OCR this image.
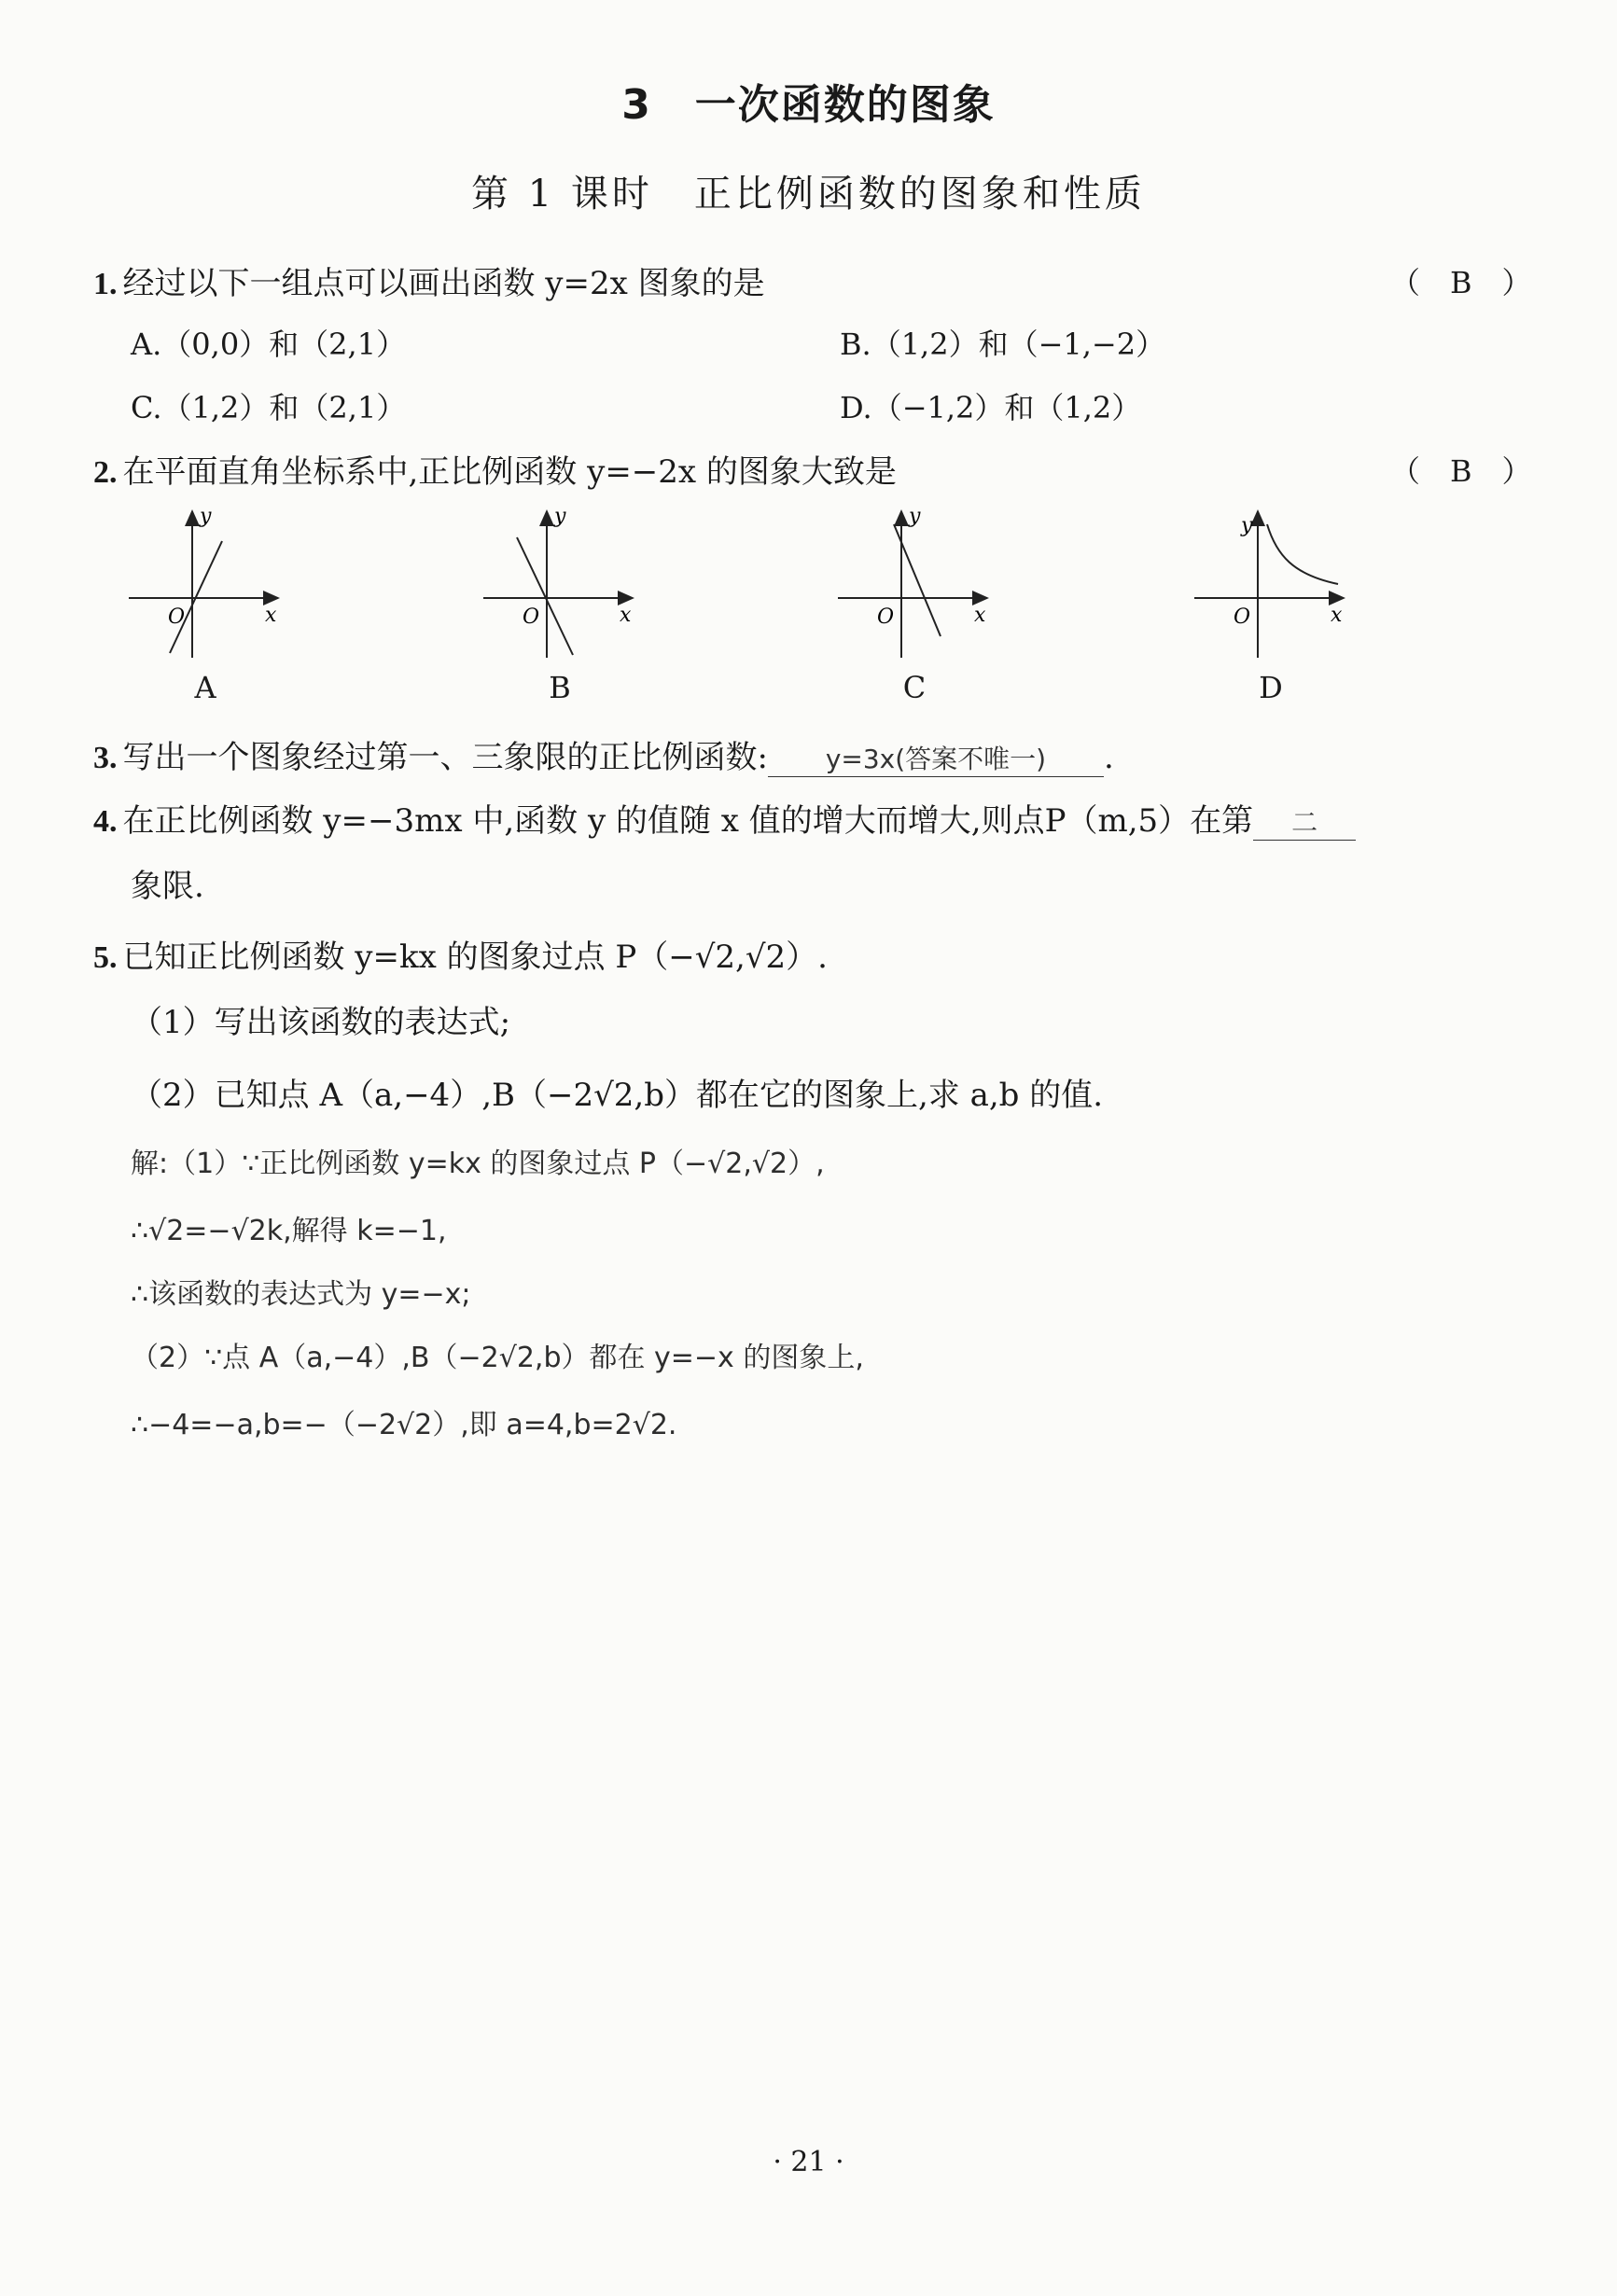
3　一次函数的图象
第 1 课时　正比例函数的图象和性质
1. 经过以下一组点可以画出函数 y=2x 图象的是	（　B　）
A.（0,0）和（2,1）	B.（1,2）和（−1,−2）
C.（1,2）和（2,1）	D.（−1,2）和（1,2）
2. 在平面直角坐标系中,正比例函数 y=−2x 的图象大致是	（　B　）
y
x
O
A
y
x
O
B
y
x
O
C
y
x
O
D
3. 写出一个图象经过第一、三象限的正比例函数: y=3x(答案不唯一) .
4. 在正比例函数 y=−3mx 中,函数 y 的值随 x 值的增大而增大,则点P（m,5）在第 二
象限.
5. 已知正比例函数 y=kx 的图象过点 P（−√2,√2）.
（1）写出该函数的表达式;
（2）已知点 A（a,−4）,B（−2√2,b）都在它的图象上,求 a,b 的值.
解:（1）∵正比例函数 y=kx 的图象过点 P（−√2,√2）,
∴√2=−√2k,解得 k=−1,
∴该函数的表达式为 y=−x;
（2）∵点 A（a,−4）,B（−2√2,b）都在 y=−x 的图象上,
∴−4=−a,b=−（−2√2）,即 a=4,b=2√2.
· 21 ·
